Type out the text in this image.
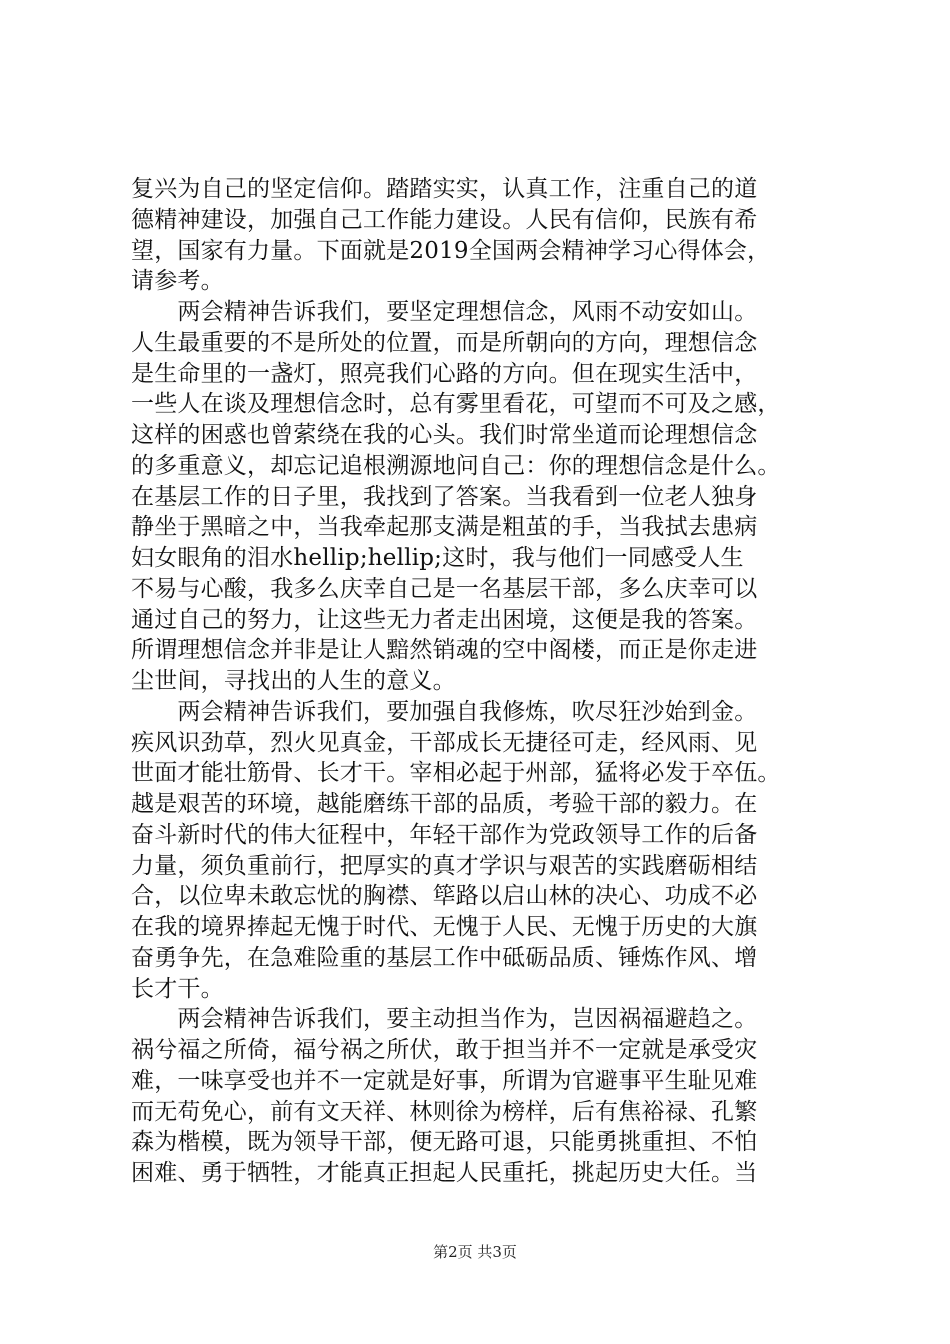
复兴为自己的坚定信仰。踏踏实实，认真工作，注重自己的道
德精神建设，加强自己工作能力建设。人民有信仰，民族有希
望，国家有力量。下面就是2019全国两会精神学习心得体会，
请参考。
　　两会精神告诉我们，要坚定理想信念，风雨不动安如山。
人生最重要的不是所处的位置，而是所朝向的方向，理想信念
是生命里的一盏灯，照亮我们心路的方向。但在现实生活中，
一些人在谈及理想信念时，总有雾里看花，可望而不可及之感，
这样的困惑也曾萦绕在我的心头。我们时常坐道而论理想信念
的多重意义，却忘记追根溯源地问自己：你的理想信念是什么。
在基层工作的日子里，我找到了答案。当我看到一位老人独身
静坐于黑暗之中，当我牵起那支满是粗茧的手，当我拭去患病
妇女眼角的泪水hellip;hellip;这时，我与他们一同感受人生
不易与心酸，我多么庆幸自己是一名基层干部，多么庆幸可以
通过自己的努力，让这些无力者走出困境，这便是我的答案。
所谓理想信念并非是让人黯然销魂的空中阁楼，而正是你走进
尘世间，寻找出的人生的意义。
　　两会精神告诉我们，要加强自我修炼，吹尽狂沙始到金。
疾风识劲草，烈火见真金，干部成长无捷径可走，经风雨、见
世面才能壮筋骨、长才干。宰相必起于州部，猛将必发于卒伍。
越是艰苦的环境，越能磨练干部的品质，考验干部的毅力。在
奋斗新时代的伟大征程中，年轻干部作为党政领导工作的后备
力量，须负重前行，把厚实的真才学识与艰苦的实践磨砺相结
合，以位卑未敢忘忧的胸襟、筚路以启山林的决心、功成不必
在我的境界捧起无愧于时代、无愧于人民、无愧于历史的大旗
奋勇争先，在急难险重的基层工作中砥砺品质、锤炼作风、增
长才干。
　　两会精神告诉我们，要主动担当作为，岂因祸福避趋之。
祸兮福之所倚，福兮祸之所伏，敢于担当并不一定就是承受灾
难，一味享受也并不一定就是好事，所谓为官避事平生耻见难
而无苟免心，前有文天祥、林则徐为榜样，后有焦裕禄、孔繁
森为楷模，既为领导干部，便无路可退，只能勇挑重担、不怕
困难、勇于牺牲，才能真正担起人民重托，挑起历史大任。当
第2页 共3页
